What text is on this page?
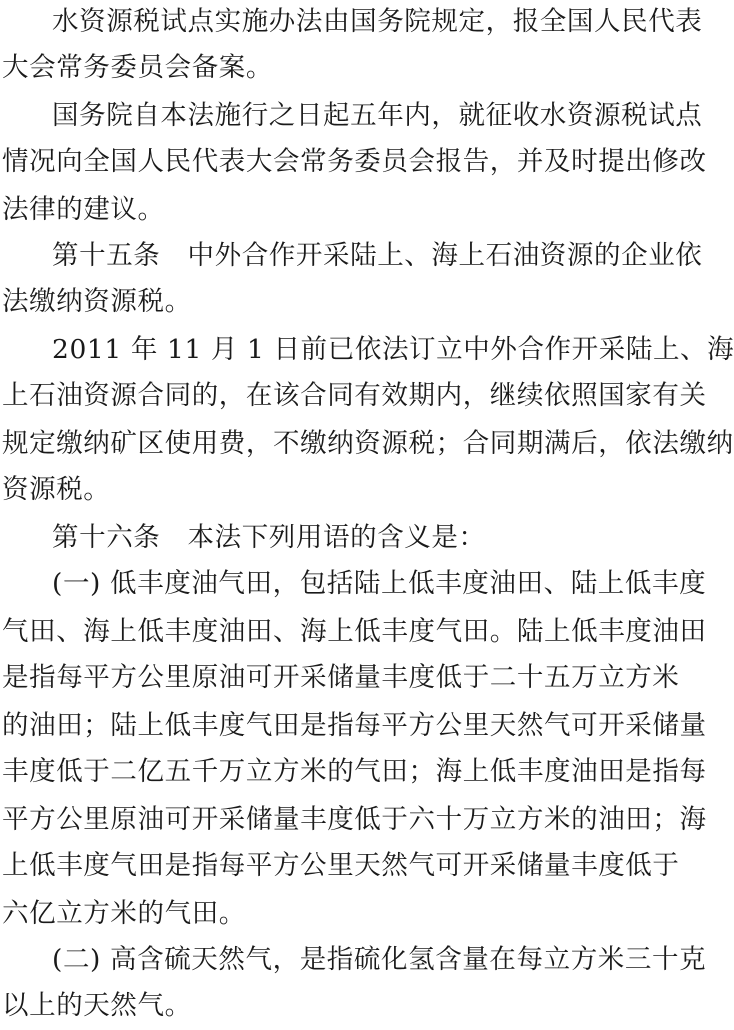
水资源税试点实施办法由国务院规定，报全国人民代表
大会常务委员会备案。
国务院自本法施行之日起五年内，就征收水资源税试点
情况向全国人民代表大会常务委员会报告，并及时提出修改
法律的建议。
第十五条　中外合作开采陆上、海上石油资源的企业依
法缴纳资源税。
2011 年 11 月 1 日前已依法订立中外合作开采陆上、海
上石油资源合同的，在该合同有效期内，继续依照国家有关
规定缴纳矿区使用费，不缴纳资源税；合同期满后，依法缴纳
资源税。
第十六条　本法下列用语的含义是：
(一) 低丰度油气田，包括陆上低丰度油田、陆上低丰度
气田、海上低丰度油田、海上低丰度气田。陆上低丰度油田
是指每平方公里原油可开采储量丰度低于二十五万立方米
的油田；陆上低丰度气田是指每平方公里天然气可开采储量
丰度低于二亿五千万立方米的气田；海上低丰度油田是指每
平方公里原油可开采储量丰度低于六十万立方米的油田；海
上低丰度气田是指每平方公里天然气可开采储量丰度低于
六亿立方米的气田。
(二) 高含硫天然气，是指硫化氢含量在每立方米三十克
以上的天然气。
